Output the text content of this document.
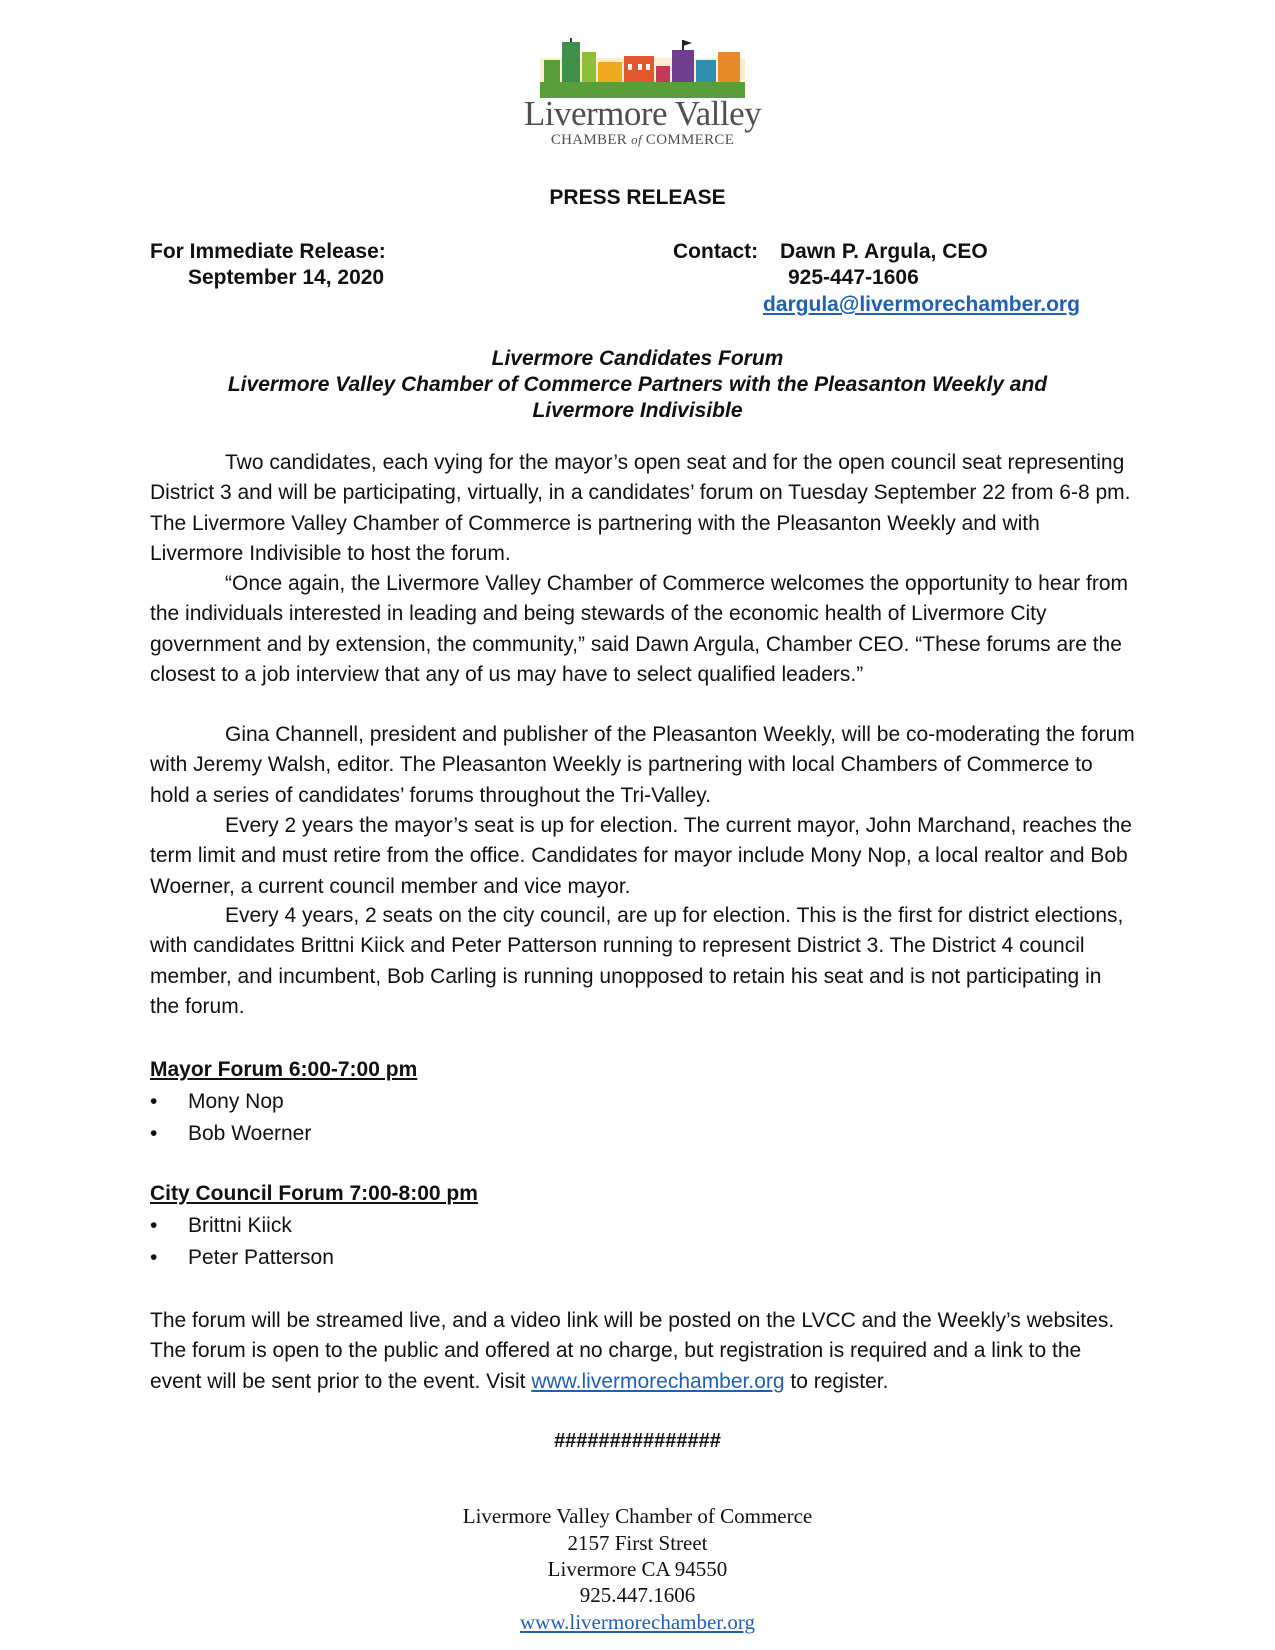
Livermore Valley
CHAMBER of COMMERCE
PRESS RELEASE
For Immediate Release:
September 14, 2020
Contact: Dawn P. Argula, CEO
925-447-1606
dargula@livermorechamber.org
Livermore Candidates Forum
Livermore Valley Chamber of Commerce Partners with the Pleasanton Weekly and
Livermore Indivisible

Two candidates, each vying for the mayor’s open seat and for the open council seat representing District 3 and will be participating, virtually, in a candidates’ forum on Tuesday September 22 from 6-8 pm. The Livermore Valley Chamber of Commerce is partnering with the Pleasanton Weekly and with Livermore Indivisible to host the forum.

“Once again, the Livermore Valley Chamber of Commerce welcomes the opportunity to hear from the individuals interested in leading and being stewards of the economic health of Livermore City government and by extension, the community,” said Dawn Argula, Chamber CEO. “These forums are the closest to a job interview that any of us may have to select qualified leaders.”

Gina Channell, president and publisher of the Pleasanton Weekly, will be co-moderating the forum with Jeremy Walsh, editor. The Pleasanton Weekly is partnering with local Chambers of Commerce to hold a series of candidates’ forums throughout the Tri-Valley.

Every 2 years the mayor’s seat is up for election. The current mayor, John Marchand, reaches the term limit and must retire from the office. Candidates for mayor include Mony Nop, a local realtor and Bob Woerner, a current council member and vice mayor.

Every 4 years, 2 seats on the city council, are up for election. This is the first for district elections, with candidates Brittni Kiick and Peter Patterson running to represent District 3. The District 4 council member, and incumbent, Bob Carling is running unopposed to retain his seat and is not participating in the forum.

Mayor Forum 6:00-7:00 pm
• Mony Nop
• Bob Woerner
City Council Forum 7:00-8:00 pm
• Brittni Kiick
• Peter Patterson

The forum will be streamed live, and a video link will be posted on the LVCC and the Weekly’s websites. The forum is open to the public and offered at no charge, but registration is required and a link to the event will be sent prior to the event. Visit www.livermorechamber.org to register.

###############
Livermore Valley Chamber of Commerce
2157 First Street
Livermore CA 94550
925.447.1606
www.livermorechamber.org
